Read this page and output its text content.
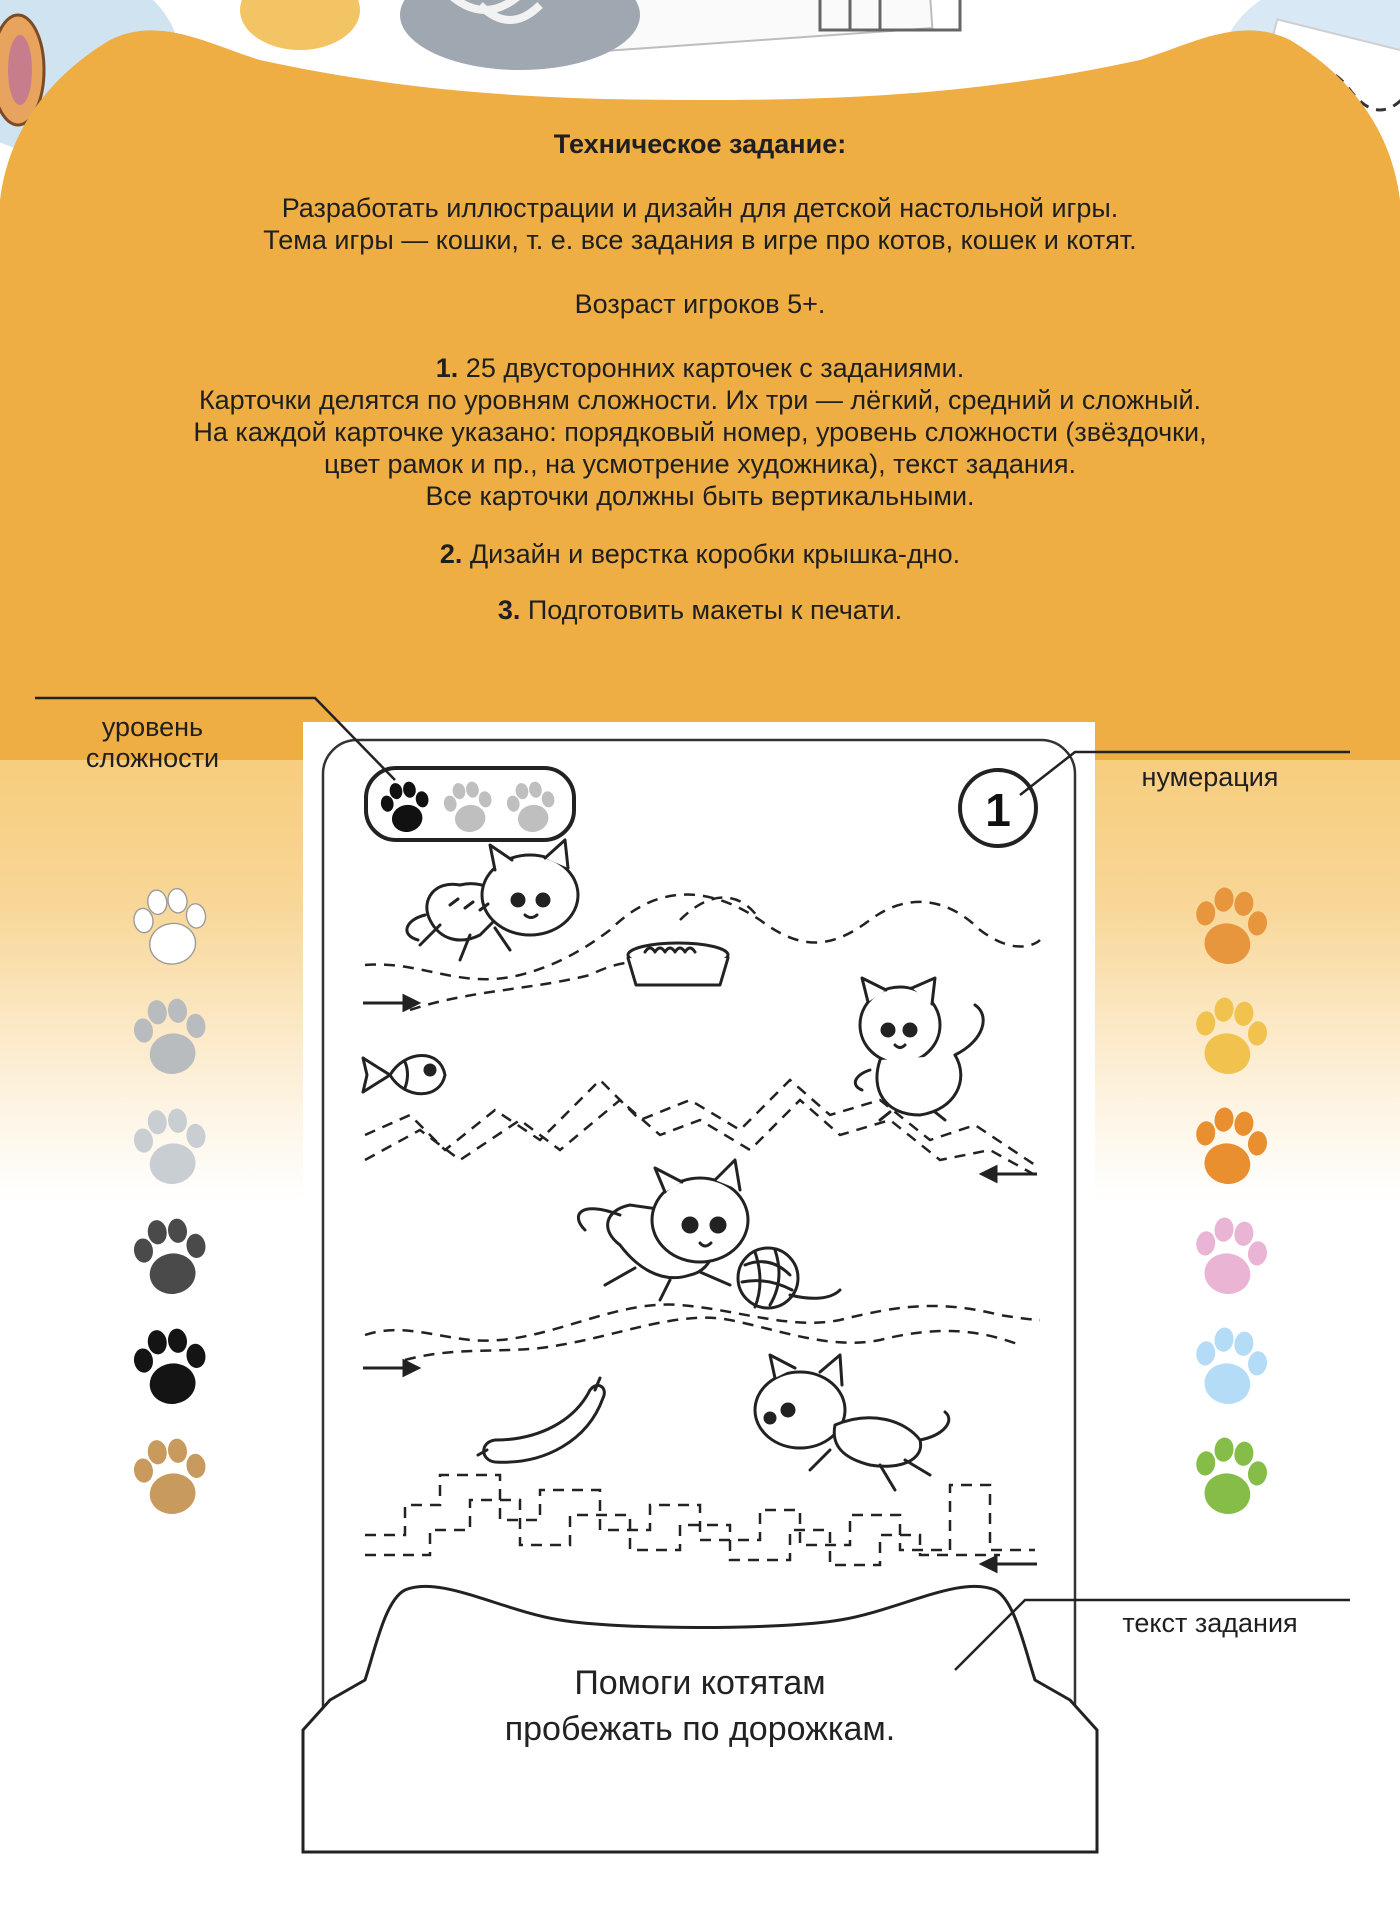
Техническое задание:

Разработать иллюстрации и дизайн для детской настольной игры.

Тема игры — кошки, т. е. все задания в игре про котов, кошек и котят.

Возраст игроков 5+.

1. 25 двусторонних карточек с заданиями.

Карточки делятся по уровням сложности. Их три — лёгкий, средний и сложный.

На каждой карточке указано: порядковый номер, уровень сложности (звёздочки,

цвет рамок и пр., на усмотрение художника), текст задания.

Все карточки должны быть вертикальными.

2. Дизайн и верстка коробки крышка-дно.

3. Подготовить макеты к печати.

1
Помоги котятам
пробежать по дорожкам.
уровень
сложности
нумерация
текст задания
